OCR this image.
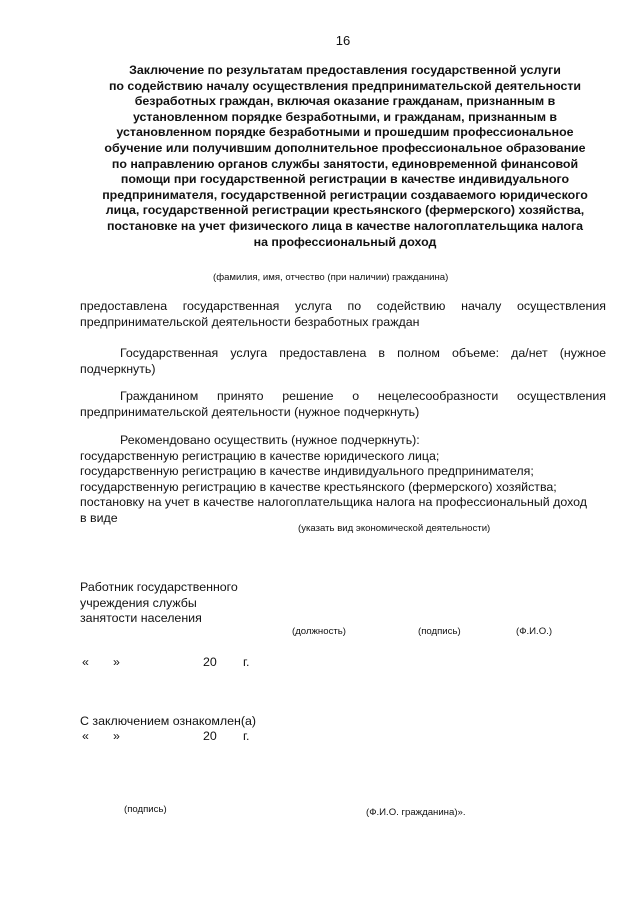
16
Заключение по результатам предоставления государственной услуги
по содействию началу осуществления предпринимательской деятельности
безработных граждан, включая оказание гражданам, признанным в
установленном порядке безработными, и гражданам, признанным в
установленном порядке безработными и прошедшим профессиональное
обучение или получившим дополнительное профессиональное образование
по направлению органов службы занятости, единовременной финансовой
помощи при государственной регистрации в качестве индивидуального
предпринимателя, государственной регистрации создаваемого юридического
лица, государственной регистрации крестьянского (фермерского) хозяйства,
постановке на учет физического лица в качестве налогоплательщика налога
на профессиональный доход
(фамилия, имя, отчество (при наличии) гражданина)
предоставлена государственная услуга по содействию началу осуществления
предпринимательской деятельности безработных граждан
Государственная услуга предоставлена в полном объеме: да/нет (нужное
подчеркнуть)
Гражданином принято решение о нецелесообразности осуществления
предпринимательской деятельности (нужное подчеркнуть)
Рекомендовано осуществить (нужное подчеркнуть):
государственную регистрацию в качестве юридического лица;
государственную регистрацию в качестве индивидуального предпринимателя;
государственную регистрацию в качестве крестьянского (фермерского) хозяйства;
постановку на учет в качестве налогоплательщика налога на профессиональный доход
в виде
(указать вид экономической деятельности)
Работник государственного
учреждения службы
занятости населения
(должность)	(подпись)	(Ф.И.О.)
« »	20 г.
С заключением ознакомлен(а)
« »	20 г.
(подпись)	(Ф.И.О. гражданина)».
